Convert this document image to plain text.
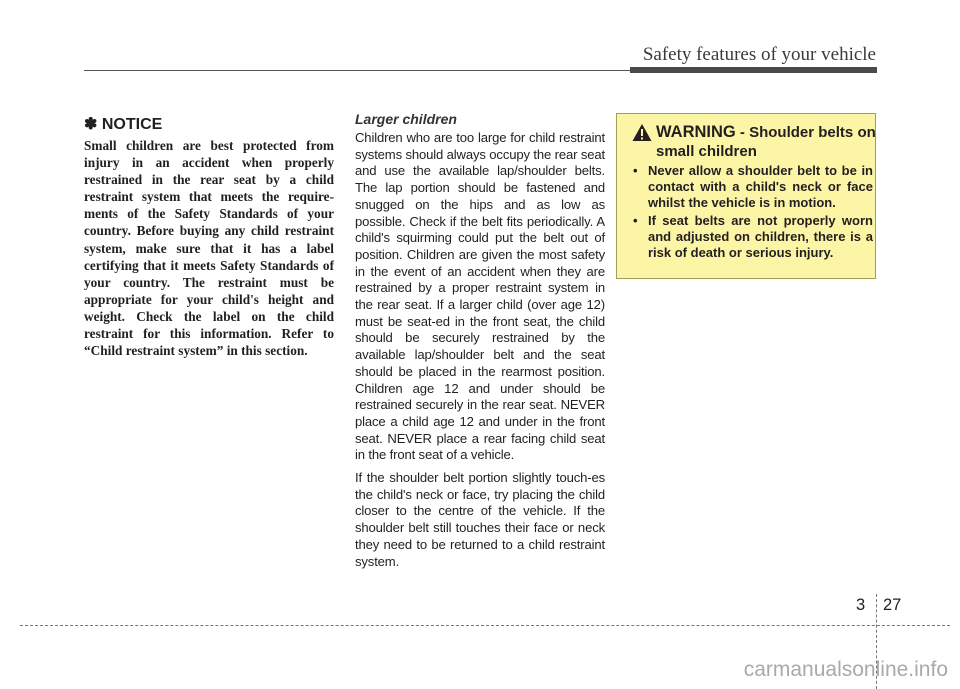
Safety features of your vehicle
✽ NOTICE

Small children are best protected from injury in an accident when properly restrained in the rear seat by a child restraint system that meets the require-ments of the Safety Standards of your country. Before buying any child restraint system, make sure that it has a label certifying that it meets Safety Standards of your country. The restraint must be appropriate for your child's height and weight. Check the label on the child restraint for this information. Refer to “Child restraint system” in this section.

Larger children

Children who are too large for child restraint systems should always occupy the rear seat and use the available lap/shoulder belts. The lap portion should be fastened and snugged on the hips and as low as possible. Check if the belt fits periodically. A child's squirming could put the belt out of position. Children are given the most safety in the event of an accident when they are restrained by a proper restraint system in the rear seat. If a larger child (over age 12) must be seat-ed in the front seat, the child should be securely restrained by the available lap/shoulder belt and the seat should be placed in the rearmost position. Children age 12 and under should be restrained securely in the rear seat. NEVER place a child age 12 and under in the front seat. NEVER place a rear facing child seat in the front seat of a vehicle.

If the shoulder belt portion slightly touch-es the child's neck or face, try placing the child closer to the centre of the vehicle. If the shoulder belt still touches their face or neck they need to be returned to a child restraint system.

WARNING - Shoulder belts on small children
• Never allow a shoulder belt to be in contact with a child's neck or face whilst the vehicle is in motion.
• If seat belts are not properly worn and adjusted on children, there is a risk of death or serious injury.
3 27
carmanualsonline.info
